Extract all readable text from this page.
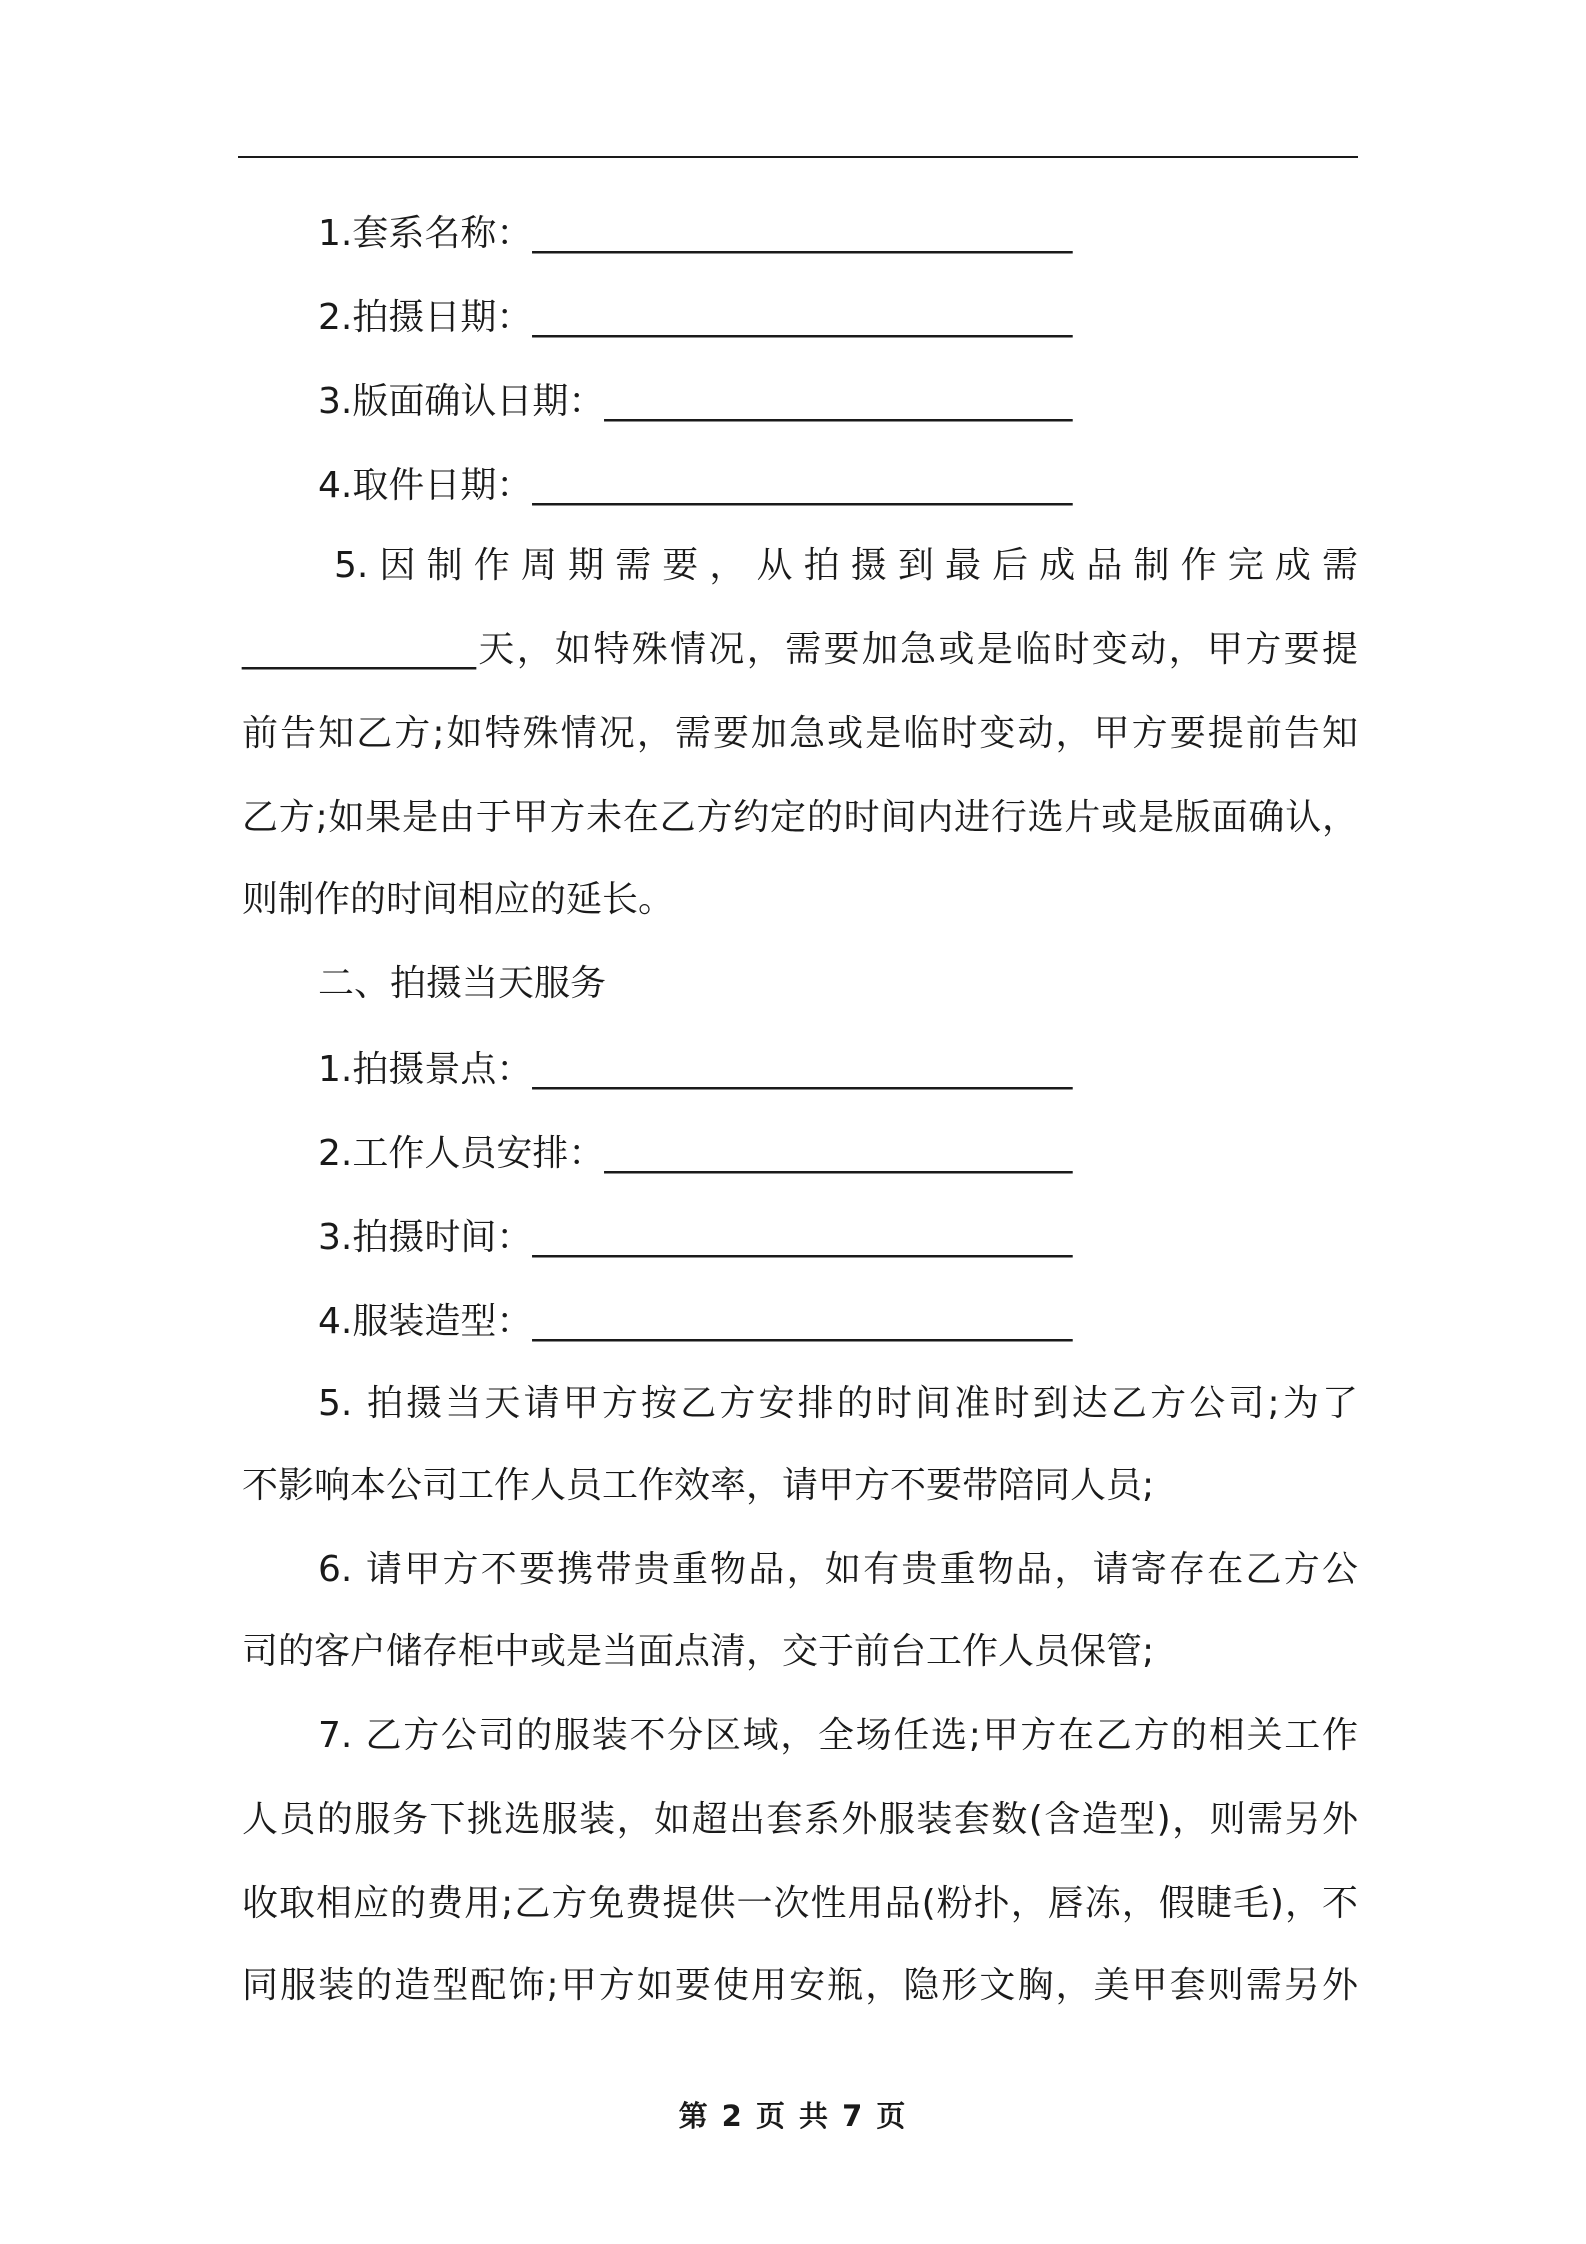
1.套系名称：______________________________
2.拍摄日期：______________________________
3.版面确认日期：__________________________
4.取件日期：______________________________
5.因制作周期需要，从拍摄到最后成品制作完成需
_____________天，如特殊情况，需要加急或是临时变动，甲方要提
前告知乙方;如特殊情况，需要加急或是临时变动，甲方要提前告知
乙方;如果是由于甲方未在乙方约定的时间内进行选片或是版面确认，
则制作的时间相应的延长。
二、拍摄当天服务
1.拍摄景点：______________________________
2.工作人员安排：__________________________
3.拍摄时间：______________________________
4.服装造型：______________________________
5. 拍摄当天请甲方按乙方安排的时间准时到达乙方公司;为了
不影响本公司工作人员工作效率，请甲方不要带陪同人员;
6. 请甲方不要携带贵重物品，如有贵重物品，请寄存在乙方公
司的客户储存柜中或是当面点清，交于前台工作人员保管;
7. 乙方公司的服装不分区域，全场任选;甲方在乙方的相关工作
人员的服务下挑选服装，如超出套系外服装套数(含造型)，则需另外
收取相应的费用;乙方免费提供一次性用品(粉扑，唇冻，假睫毛)，不
同服装的造型配饰;甲方如要使用安瓶，隐形文胸，美甲套则需另外
第 2 页 共 7 页
